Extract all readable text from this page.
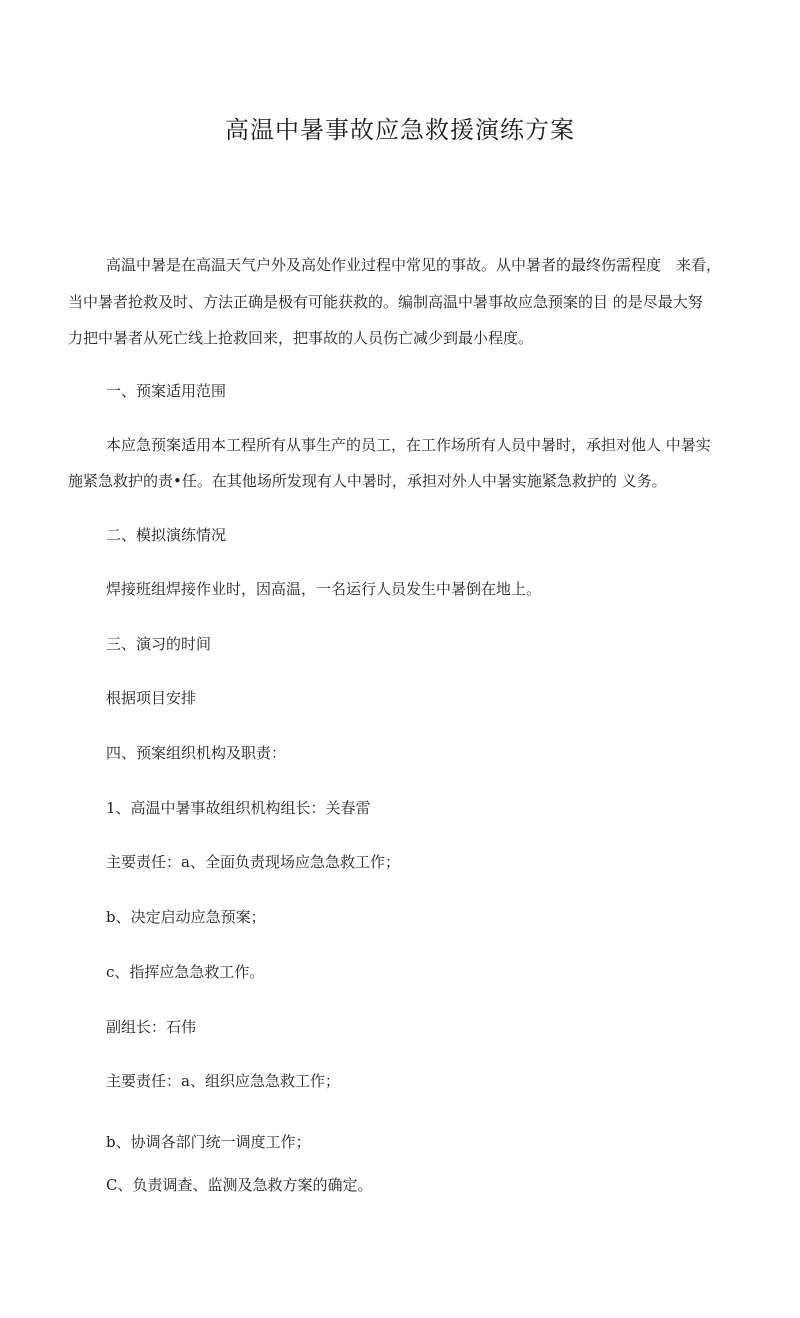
高温中暑事故应急救援演练方案
高温中暑是在高温天气户外及高处作业过程中常见的事故。从中暑者的最终伤需程度　来看，
当中暑者抢救及时、方法正确是极有可能获救的。编制高温中暑事故应急预案的目 的是尽最大努
力把中暑者从死亡线上抢救回来，把事故的人员伤亡减少到最小程度。
一、预案适用范围
本应急预案适用本工程所有从事生产的员工，在工作场所有人员中暑时，承担对他人 中暑实
施紧急救护的责•任。在其他场所发现有人中暑时，承担对外人中暑实施紧急救护的 义务。
二、模拟演练情况
焊接班组焊接作业时，因高温，一名运行人员发生中暑倒在地上。
三、演习的时间
根据项目安排
四、预案组织机构及职责：
1、高温中暑事故组织机构组长：关春雷
主要责任：a、全面负责现场应急急救工作；
b、决定启动应急预案；
c、指挥应急急救工作。
副组长：石伟
主要责任：a、组织应急急救工作；
b、协调各部门统一调度工作；
C、负责调查、监测及急救方案的确定。
